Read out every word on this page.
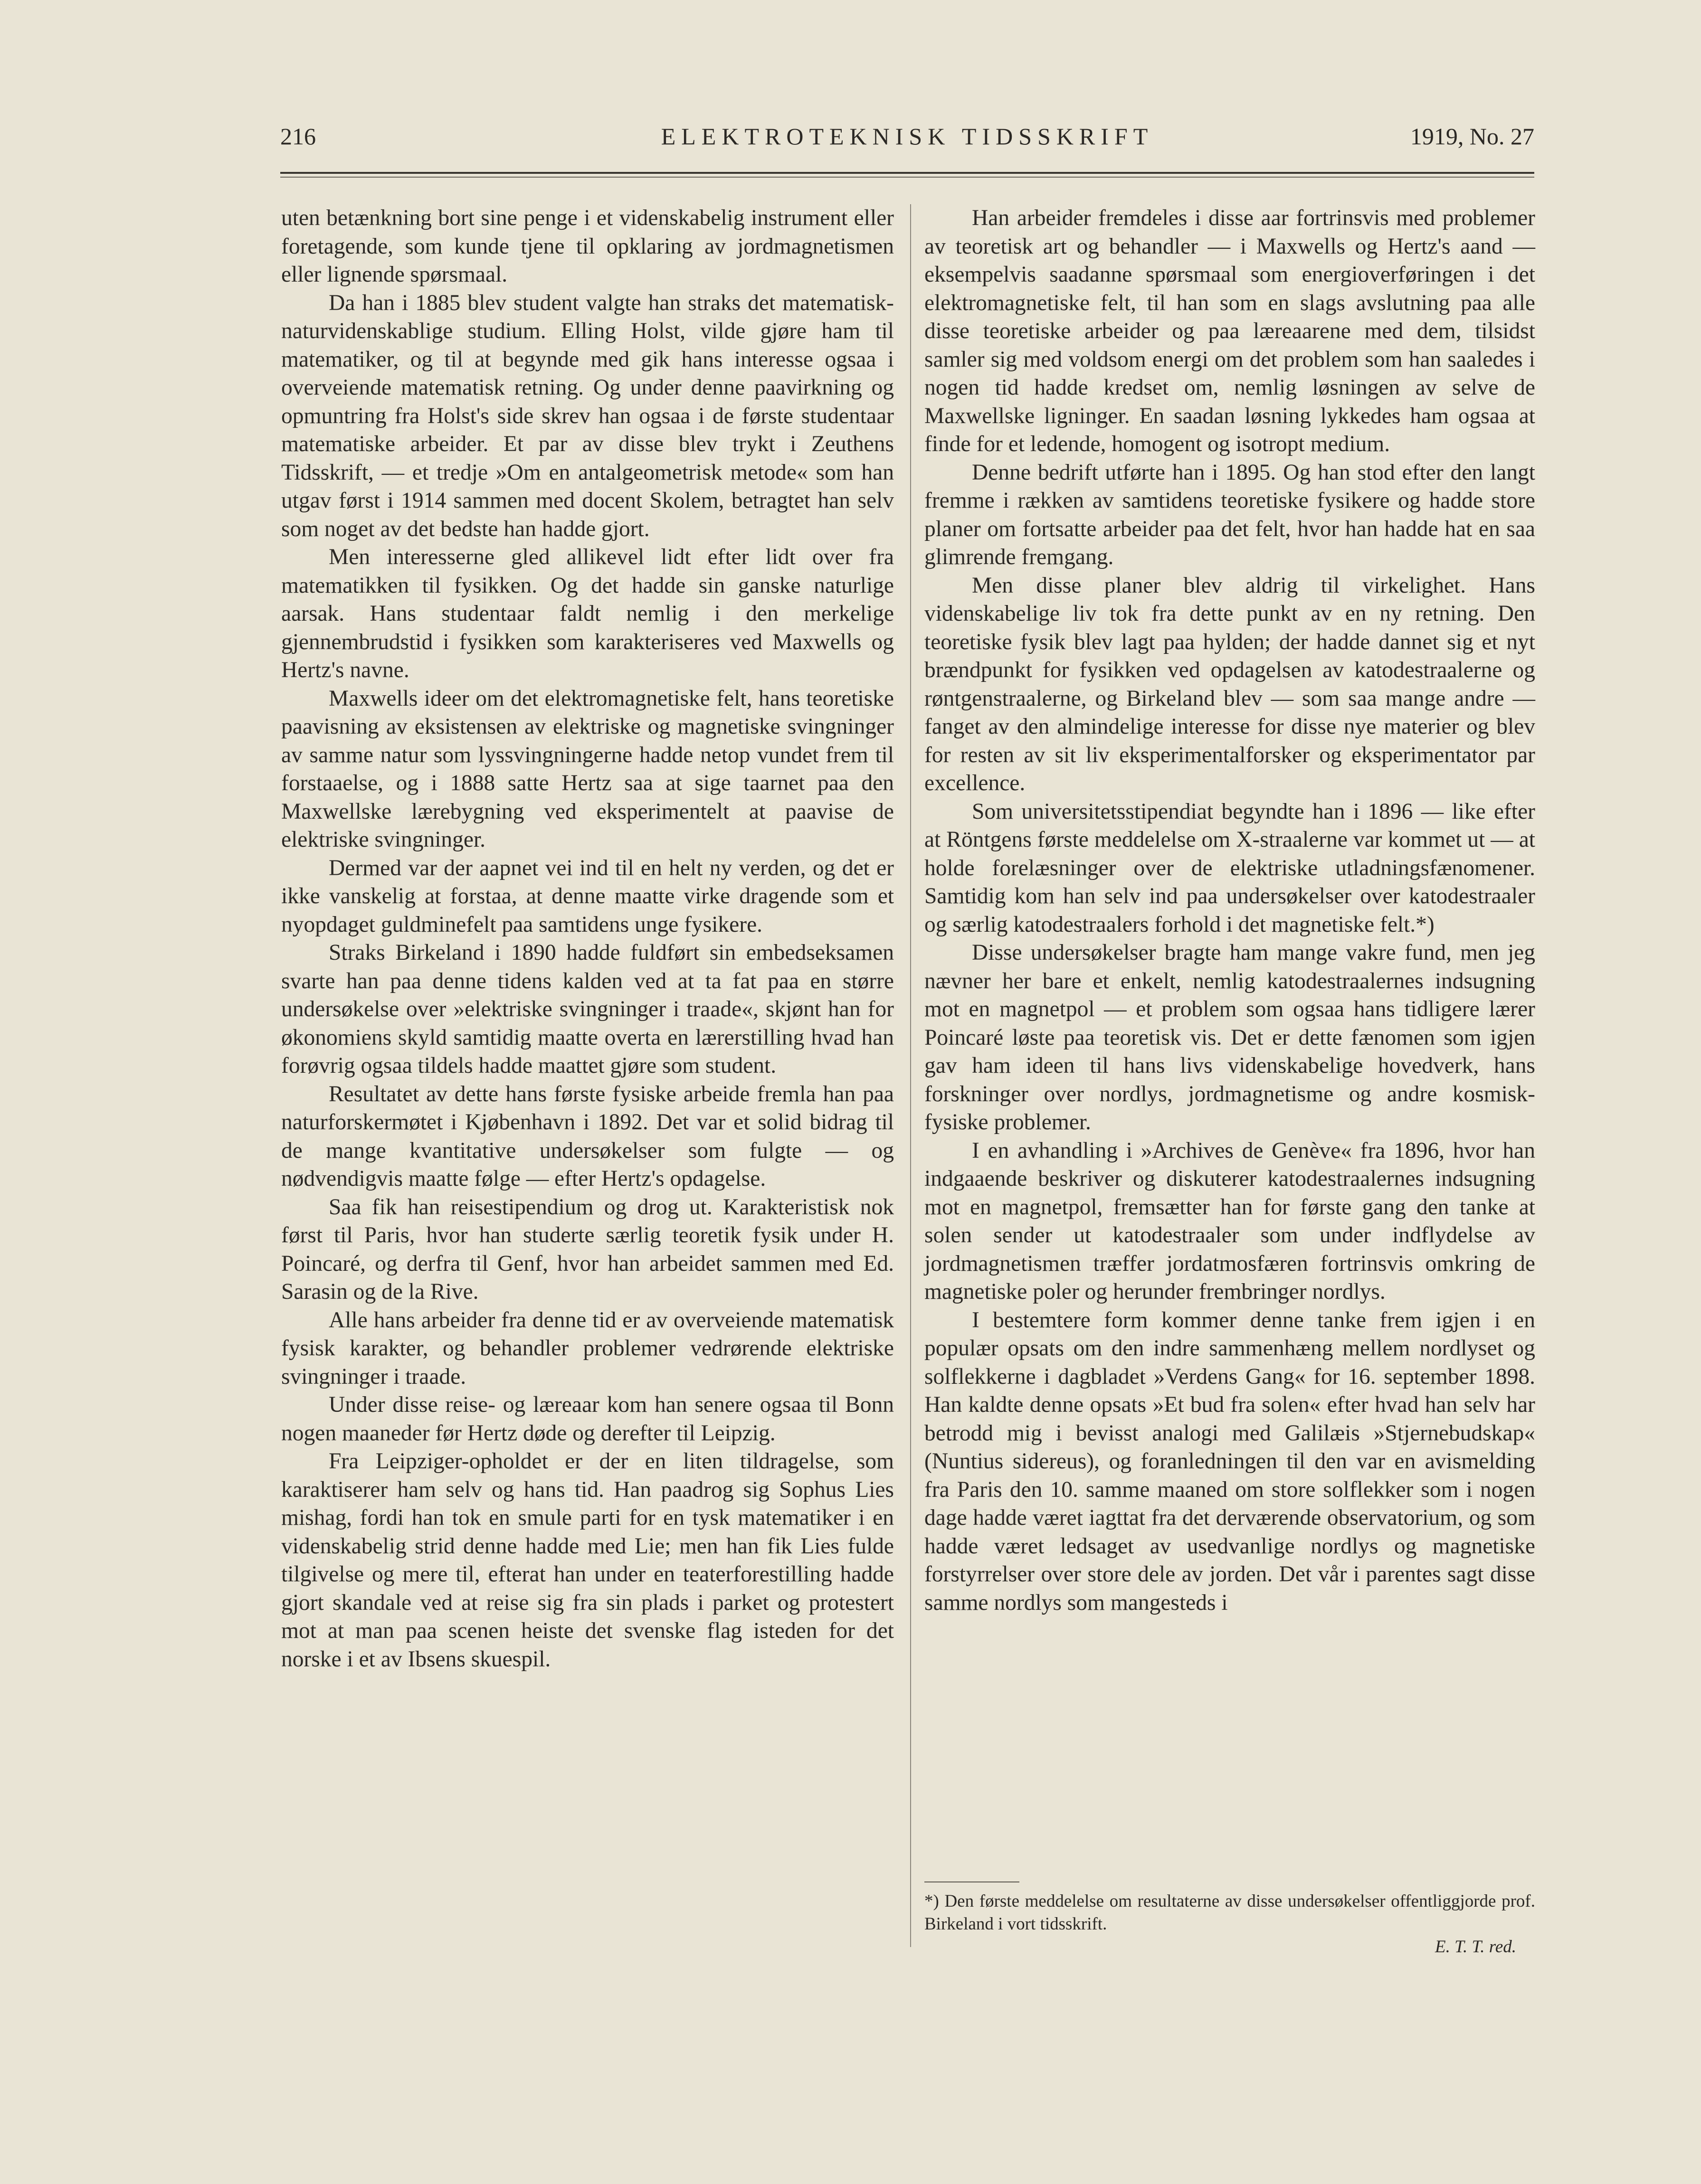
216	ELEKTROTEKNISK TIDSSKRIFT	1919, No. 27

uten betænkning bort sine penge i et videnskabelig instrument eller foretagende, som kunde tjene til opklaring av jordmagnetismen eller lignende spørsmaal.

Da han i 1885 blev student valgte han straks det matematisk-naturvidenskablige studium. Elling Holst, vilde gjøre ham til matematiker, og til at begynde med gik hans interesse ogsaa i overveiende matematisk retning. Og under denne paavirkning og opmuntring fra Holst's side skrev han ogsaa i de første studentaar matematiske arbeider. Et par av disse blev trykt i Zeuthens Tidsskrift, — et tredje »Om en antalgeometrisk metode« som han utgav først i 1914 sammen med docent Skolem, betragtet han selv som noget av det bedste han hadde gjort.

Men interesserne gled allikevel lidt efter lidt over fra matematikken til fysikken. Og det hadde sin ganske naturlige aarsak. Hans studentaar faldt nemlig i den merkelige gjennembrudstid i fysikken som karakteriseres ved Maxwells og Hertz's navne.

Maxwells ideer om det elektromagnetiske felt, hans teoretiske paavisning av eksistensen av elektriske og magnetiske svingninger av samme natur som lyssvingningerne hadde netop vundet frem til forstaaelse, og i 1888 satte Hertz saa at sige taarnet paa den Maxwellske lærebygning ved eksperimentelt at paavise de elektriske svingninger.

Dermed var der aapnet vei ind til en helt ny verden, og det er ikke vanskelig at forstaa, at denne maatte virke dragende som et nyopdaget guldminefelt paa samtidens unge fysikere.

Straks Birkeland i 1890 hadde fuldført sin embedseksamen svarte han paa denne tidens kalden ved at ta fat paa en større undersøkelse over »elektriske svingninger i traade«, skjønt han for økonomiens skyld samtidig maatte overta en lærerstilling hvad han forøvrig ogsaa tildels hadde maattet gjøre som student.

Resultatet av dette hans første fysiske arbeide fremla han paa naturforskermøtet i Kjøbenhavn i 1892. Det var et solid bidrag til de mange kvantitative undersøkelser som fulgte — og nødvendigvis maatte følge — efter Hertz's opdagelse.

Saa fik han reisestipendium og drog ut. Karakteristisk nok først til Paris, hvor han studerte særlig teoretik fysik under H. Poincaré, og derfra til Genf, hvor han arbeidet sammen med Ed. Sarasin og de la Rive.

Alle hans arbeider fra denne tid er av overveiende matematisk fysisk karakter, og behandler problemer vedrørende elektriske svingninger i traade.

Under disse reise- og læreaar kom han senere ogsaa til Bonn nogen maaneder før Hertz døde og derefter til Leipzig.

Fra Leipziger-opholdet er der en liten tildragelse, som karaktiserer ham selv og hans tid. Han paadrog sig Sophus Lies mishag, fordi han tok en smule parti for en tysk matematiker i en videnskabelig strid denne hadde med Lie; men han fik Lies fulde tilgivelse og mere til, efterat han under en teaterforestilling hadde gjort skandale ved at reise sig fra sin plads i parket og protestert mot at man paa scenen heiste det svenske flag isteden for det norske i et av Ibsens skuespil.

Han arbeider fremdeles i disse aar fortrinsvis med problemer av teoretisk art og behandler — i Maxwells og Hertz's aand — eksempelvis saadanne spørsmaal som energioverføringen i det elektromagnetiske felt, til han som en slags avslutning paa alle disse teoretiske arbeider og paa læreaarene med dem, tilsidst samler sig med voldsom energi om det problem som han saaledes i nogen tid hadde kredset om, nemlig løsningen av selve de Maxwellske ligninger. En saadan løsning lykkedes ham ogsaa at finde for et ledende, homogent og isotropt medium.

Denne bedrift utførte han i 1895. Og han stod efter den langt fremme i rækken av samtidens teoretiske fysikere og hadde store planer om fortsatte arbeider paa det felt, hvor han hadde hat en saa glimrende fremgang.

Men disse planer blev aldrig til virkelighet. Hans videnskabelige liv tok fra dette punkt av en ny retning. Den teoretiske fysik blev lagt paa hylden; der hadde dannet sig et nyt brændpunkt for fysikken ved opdagelsen av katodestraalerne og røntgenstraalerne, og Birkeland blev — som saa mange andre — fanget av den almindelige interesse for disse nye materier og blev for resten av sit liv eksperimentalforsker og eksperimentator par excellence.

Som universitetsstipendiat begyndte han i 1896 — like efter at Röntgens første meddelelse om X-straalerne var kommet ut — at holde forelæsninger over de elektriske utladningsfænomener. Samtidig kom han selv ind paa undersøkelser over katodestraaler og særlig katodestraalers forhold i det magnetiske felt.*)

Disse undersøkelser bragte ham mange vakre fund, men jeg nævner her bare et enkelt, nemlig katodestraalernes indsugning mot en magnetpol — et problem som ogsaa hans tidligere lærer Poincaré løste paa teoretisk vis. Det er dette fænomen som igjen gav ham ideen til hans livs videnskabelige hovedverk, hans forskninger over nordlys, jordmagnetisme og andre kosmisk-fysiske problemer.

I en avhandling i »Archives de Genève« fra 1896, hvor han indgaaende beskriver og diskuterer katodestraalernes indsugning mot en magnetpol, fremsætter han for første gang den tanke at solen sender ut katodestraaler som under indflydelse av jordmagnetismen træffer jordatmosfæren fortrinsvis omkring de magnetiske poler og herunder frembringer nordlys.

I bestemtere form kommer denne tanke frem igjen i en populær opsats om den indre sammenhæng mellem nordlyset og solflekkerne i dagbladet »Verdens Gang« for 16. september 1898. Han kaldte denne opsats »Et bud fra solen« efter hvad han selv har betrodd mig i bevisst analogi med Galilæis »Stjernebudskap« (Nuntius sidereus), og foranledningen til den var en avismelding fra Paris den 10. samme maaned om store solflekker som i nogen dage hadde været iagttat fra det derværende observatorium, og som hadde været ledsaget av usedvanlige nordlys og magnetiske forstyrrelser over store dele av jorden. Det vår i parentes sagt disse samme nordlys som mangesteds i

*) Den første meddelelse om resultaterne av disse undersøkelser offentliggjorde prof. Birkeland i vort tidsskrift.
E. T. T. red.
